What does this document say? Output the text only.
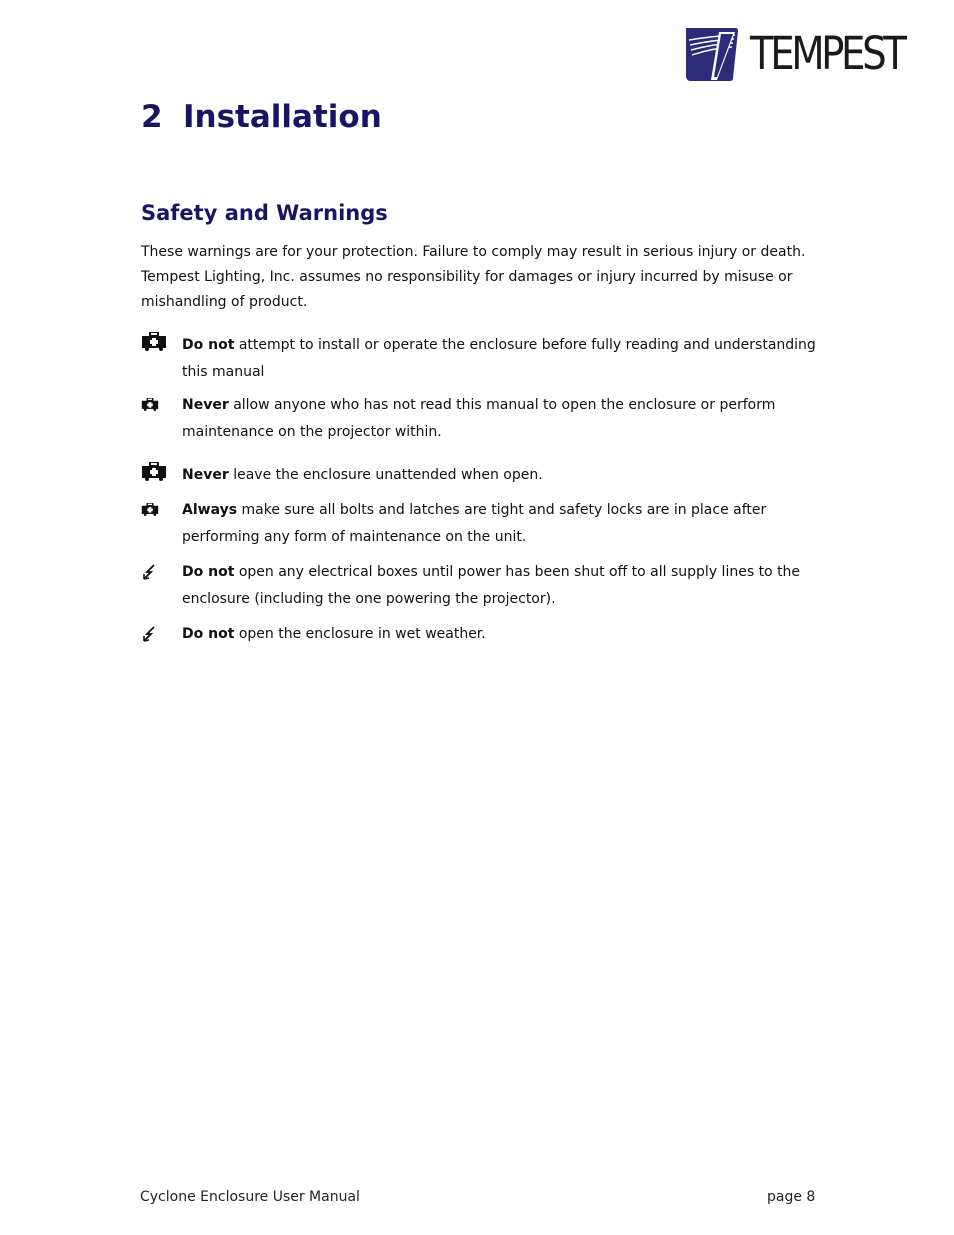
TEMPEST
2 Installation
Safety and Warnings

These warnings are for your protection. Failure to comply may result in serious injury or death. Tempest Lighting, Inc. assumes no responsibility for damages or injury incurred by misuse or mishandling of product.

Do not attempt to install or operate the enclosure before fully reading and understanding this manual
Never allow anyone who has not read this manual to open the enclosure or perform maintenance on the projector within.
Never leave the enclosure unattended when open.
Always make sure all bolts and latches are tight and safety locks are in place after performing any form of maintenance on the unit.
Do not open any electrical boxes until power has been shut off to all supply lines to the enclosure (including the one powering the projector).
Do not open the enclosure in wet weather.
Cyclone Enclosure User Manual	page 8
